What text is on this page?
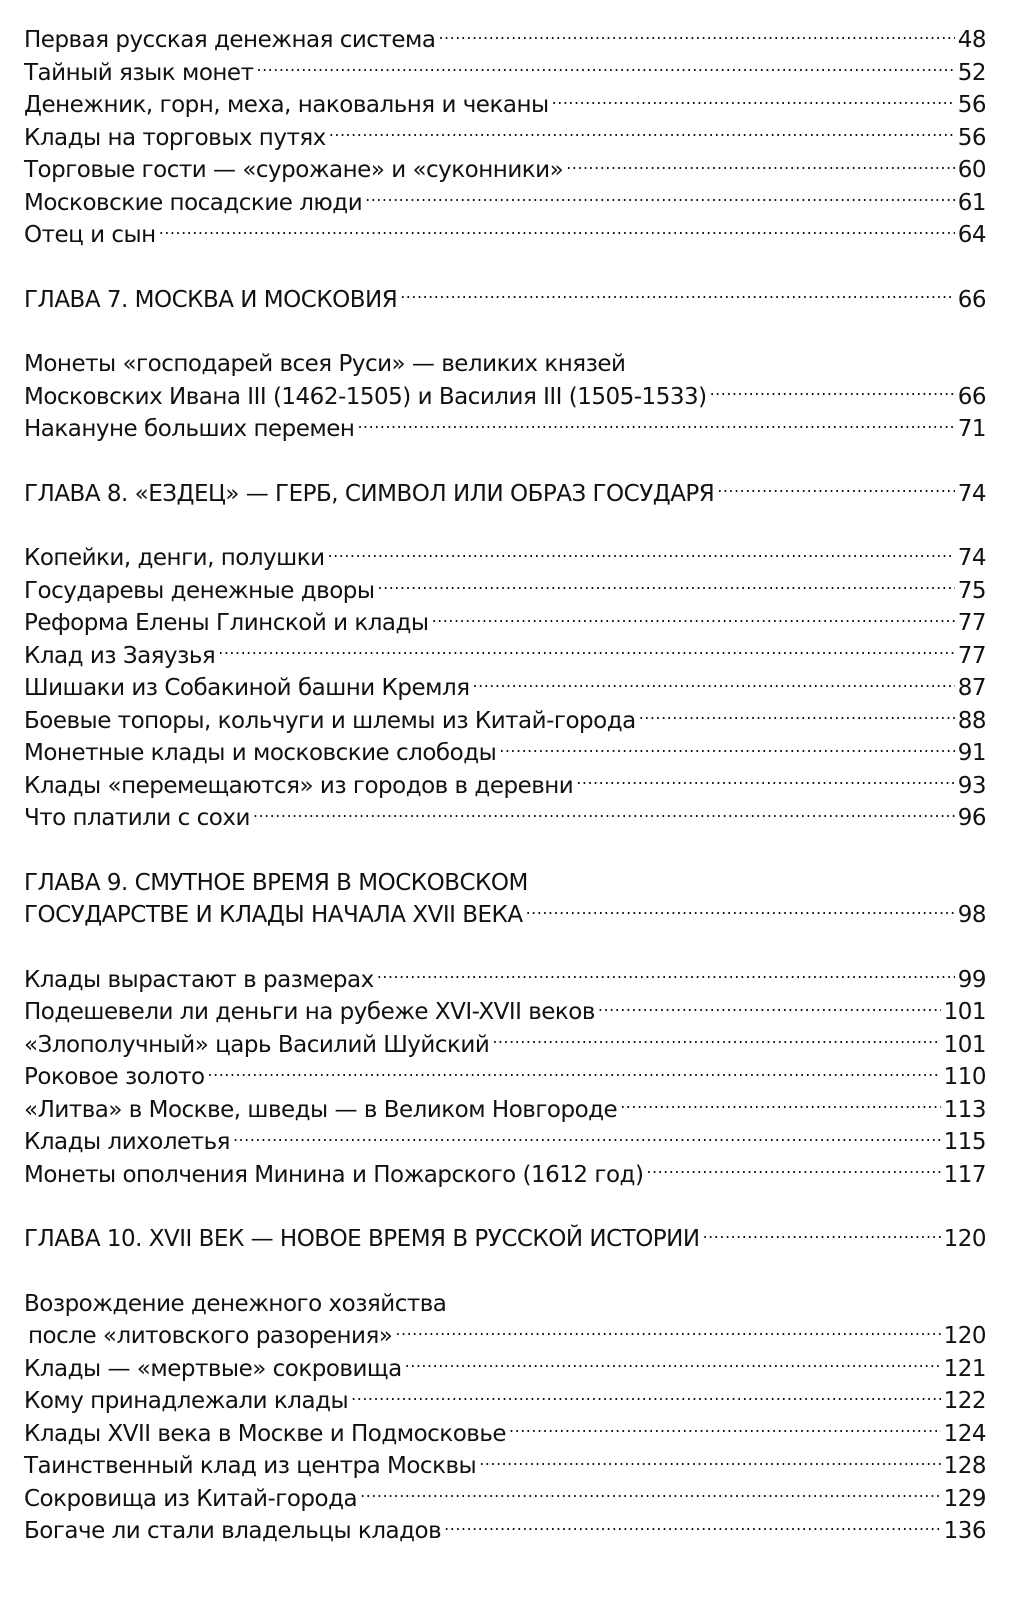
Первая русская денежная система .....	48
Тайный язык монет .....	52
Денежник, горн, меха, наковальня и чеканы .....	56
Клады на торговых путях .....	56
Торговые гости — «сурожане» и «суконники» .....	60
Московские посадские люди .....	61
Отец и сын .....	64
ГЛАВА 7. МОСКВА И МОСКОВИЯ .....	66
Монеты «господарей всея Руси» — великих князей
Московских Ивана III (1462-1505) и Василия III (1505-1533) .....	66
Накануне больших перемен .....	71
ГЛАВА 8. «ЕЗДЕЦ» — ГЕРБ, СИМВОЛ ИЛИ ОБРАЗ ГОСУДАРЯ .....	74
Копейки, денги, полушки .....	74
Государевы денежные дворы .....	75
Реформа Елены Глинской и клады .....	77
Клад из Заяузья .....	77
Шишаки из Собакиной башни Кремля .....	87
Боевые топоры, кольчуги и шлемы из Китай-города .....	88
Монетные клады и московские слободы .....	91
Клады «перемещаются» из городов в деревни .....	93
Что платили с сохи .....	96
ГЛАВА 9. СМУТНОЕ ВРЕМЯ В МОСКОВСКОМ
ГОСУДАРСТВЕ И КЛАДЫ НАЧАЛА XVII ВЕКА .....	98
Клады вырастают в размерах .....	99
Подешевели ли деньги на рубеже XVI-XVII веков .....	101
«Злополучный» царь Василий Шуйский .....	101
Роковое золото .....	110
«Литва» в Москве, шведы — в Великом Новгороде .....	113
Клады лихолетья .....	115
Монеты ополчения Минина и Пожарского (1612 год) .....	117
ГЛАВА 10. XVII ВЕК — НОВОЕ ВРЕМЯ В РУССКОЙ ИСТОРИИ .....	120
Возрождение денежного хозяйства
после «литовского разорения» .....	120
Клады — «мертвые» сокровища .....	121
Кому принадлежали клады .....	122
Клады XVII века в Москве и Подмосковье .....	124
Таинственный клад из центра Москвы .....	128
Сокровища из Китай-города .....	129
Богаче ли стали владельцы кладов .....	136
